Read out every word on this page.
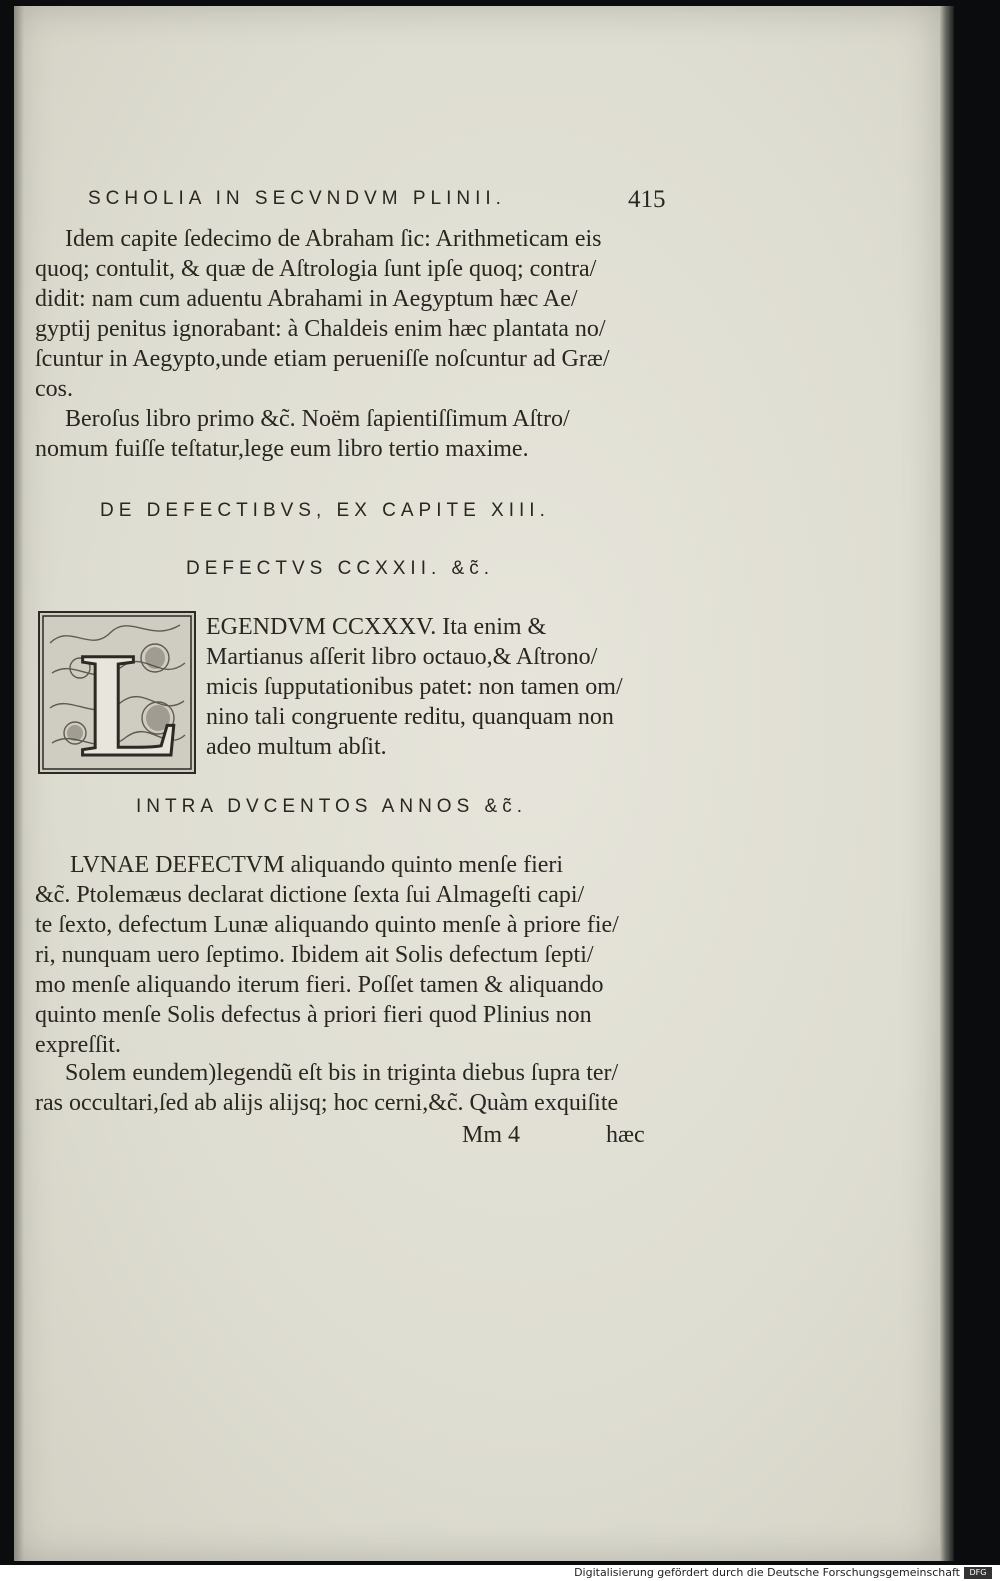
SCHOLIA IN SECVNDVM PLINII.	415
Idem capite ſedecimo de Abraham ſic: Arithmeticam eis
quoq; contulit, & quæ de Aſtrologia ſunt ipſe quoq; contra/
didit: nam cum aduentu Abrahami in Aegyptum hæc Ae/
gyptij penitus ignorabant: à Chaldeis enim hæc plantata no/
ſcuntur in Aegypto,unde etiam perueniſſe noſcuntur ad Græ/
cos.
Beroſus libro primo &c̃. Noëm ſapientiſſimum Aſtro/
nomum fuiſſe teſtatur,lege eum libro tertio maxime.
DE DEFECTIBVS, EX CAPITE XIII.
DEFECTVS CCXXII. &c̃.
L EGENDVM CCXXXV. Ita enim &
Martianus aſſerit libro octauo,& Aſtrono/
micis ſupputationibus patet: non tamen om/
nino tali congruente reditu, quanquam non
adeo multum abſit.
INTRA DVCENTOS ANNOS &c̃.
LVNAE DEFECTVM aliquando quinto menſe fieri
&c̃. Ptolemæus declarat dictione ſexta ſui Almageſti capi/
te ſexto, defectum Lunæ aliquando quinto menſe à priore fie/
ri, nunquam uero ſeptimo. Ibidem ait Solis defectum ſepti/
mo menſe aliquando iterum fieri. Poſſet tamen & aliquando
quinto menſe Solis defectus à priori fieri quod Plinius non
expreſſit.
Solem eundem)legendũ eſt bis in triginta diebus ſupra ter/
ras occultari,ſed ab alijs alijsq; hoc cerni,&c̃. Quàm exquiſite
Mm 4	hæc
Digitalisierung gefördert durch die Deutsche Forschungsgemeinschaft	DFG
